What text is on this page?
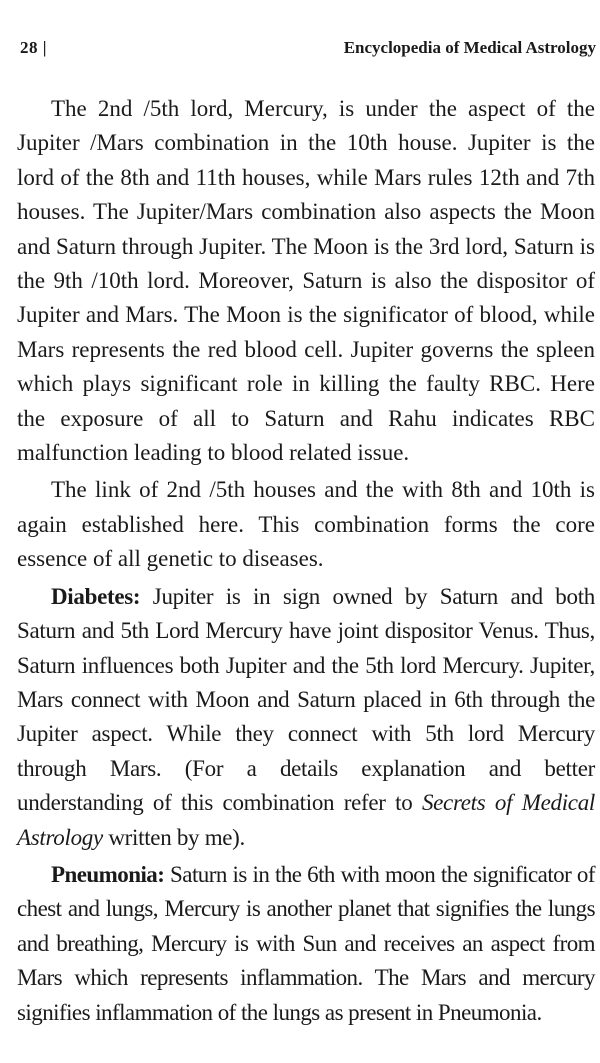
28 |	Encyclopedia of Medical Astrology

The 2nd /5th lord, Mercury, is under the aspect of the Jupiter /Mars combination in the 10th house. Jupiter is the lord of the 8th and 11th houses, while Mars rules 12th and 7th houses. The Jupiter/Mars combination also aspects the Moon and Saturn through Jupiter. The Moon is the 3rd lord, Saturn is the 9th /10th lord. Moreover, Saturn is also the dispositor of Jupiter and Mars. The Moon is the significator of blood, while Mars represents the red blood cell. Jupiter governs the spleen which plays significant role in killing the faulty RBC. Here the exposure of all to Saturn and Rahu indicates RBC malfunction leading to blood related issue.

The link of 2nd /5th houses and the with 8th and 10th is again established here. This combination forms the core essence of all genetic to diseases.

Diabetes: Jupiter is in sign owned by Saturn and both Saturn and 5th Lord Mercury have joint dispositor Venus. Thus, Saturn influences both Jupiter and the 5th lord Mercury. Jupiter, Mars connect with Moon and Saturn placed in 6th through the Jupiter aspect. While they connect with 5th lord Mercury through Mars. (For a details explanation and better understanding of this combination refer to Secrets of Medical Astrology written by me).

Pneumonia: Saturn is in the 6th with moon the significator of chest and lungs, Mercury is another planet that signifies the lungs and breathing, Mercury is with Sun and receives an aspect from Mars which represents inflammation. The Mars and mercury signifies inflammation of the lungs as present in Pneumonia.
